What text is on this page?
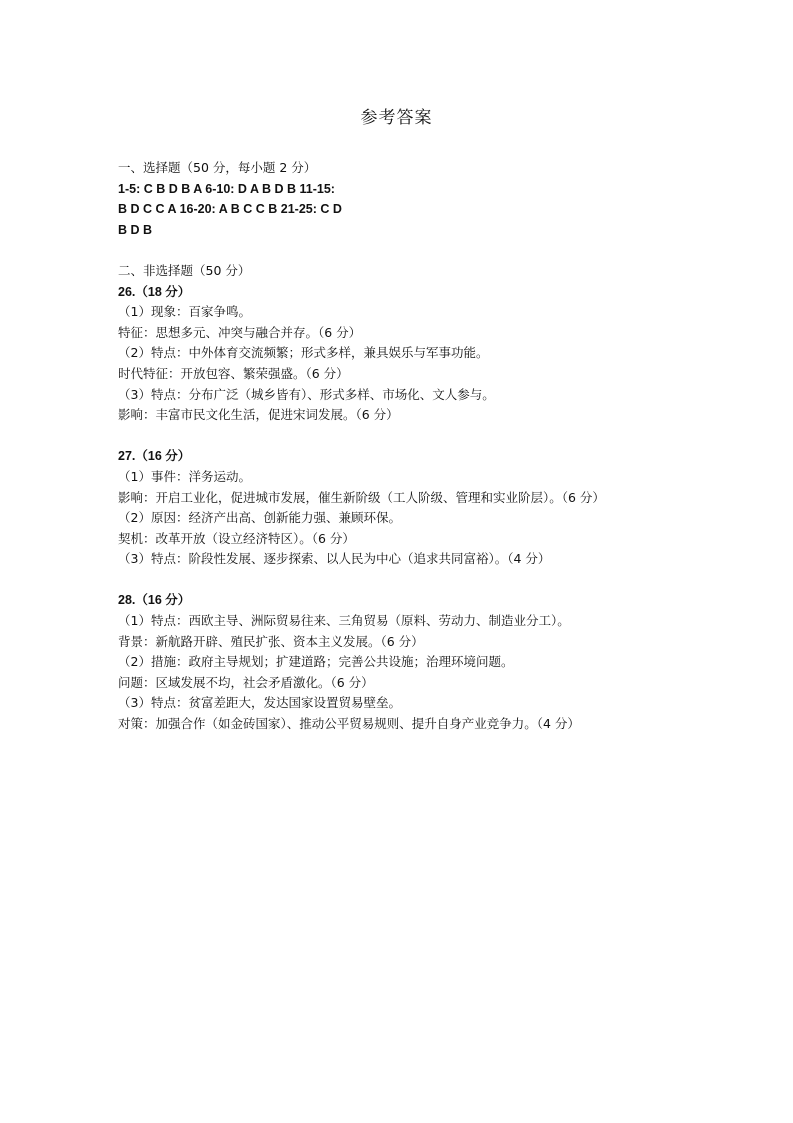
参考答案
一、选择题（50 分，每小题 2 分）
1-5: C B D B A 6-10: D A B D B 11-15:
B D C C A 16-20: A B C C B 21-25: C D
B D B
二、非选择题（50 分）
26.（18 分）
（1）现象：百家争鸣。
特征：思想多元、冲突与融合并存。（6 分）
（2）特点：中外体育交流频繁；形式多样，兼具娱乐与军事功能。
时代特征：开放包容、繁荣强盛。（6 分）
（3）特点：分布广泛（城乡皆有）、形式多样、市场化、文人参与。
影响：丰富市民文化生活，促进宋词发展。（6 分）
27.（16 分）
（1）事件：洋务运动。
影响：开启工业化，促进城市发展，催生新阶级（工人阶级、管理和实业阶层）。（6 分）
（2）原因：经济产出高、创新能力强、兼顾环保。
契机：改革开放（设立经济特区）。（6 分）
（3）特点：阶段性发展、逐步探索、以人民为中心（追求共同富裕）。（4 分）
28.（16 分）
（1）特点：西欧主导、洲际贸易往来、三角贸易（原料、劳动力、制造业分工）。
背景：新航路开辟、殖民扩张、资本主义发展。（6 分）
（2）措施：政府主导规划；扩建道路；完善公共设施；治理环境问题。
问题：区域发展不均，社会矛盾激化。（6 分）
（3）特点：贫富差距大，发达国家设置贸易壁垒。
对策：加强合作（如金砖国家）、推动公平贸易规则、提升自身产业竞争力。（4 分）
